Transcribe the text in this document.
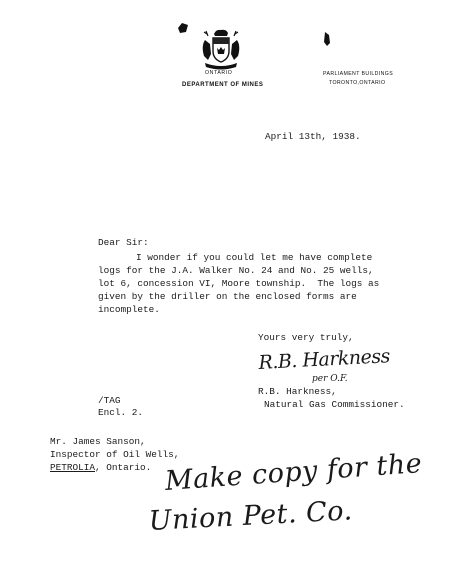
ONTARIO
DEPARTMENT OF MINES
PARLIAMENT BUILDINGS
TORONTO,ONTARIO
April 13th, 1938.
Dear Sir:
I wonder if you could let me have complete
logs for the J.A. Walker No. 24 and No. 25 wells,
lot 6, concession VI, Moore township.  The logs as
given by the driller on the enclosed forms are
incomplete.
Yours very truly,
R.B. Harkness
per O.F.
R.B. Harkness,
Natural Gas Commissioner.
/TAG
Encl. 2.
Mr. James Sanson,
Inspector of Oil Wells,
PETROLIA, Ontario. Make copy for the
Union Pet. Co.
